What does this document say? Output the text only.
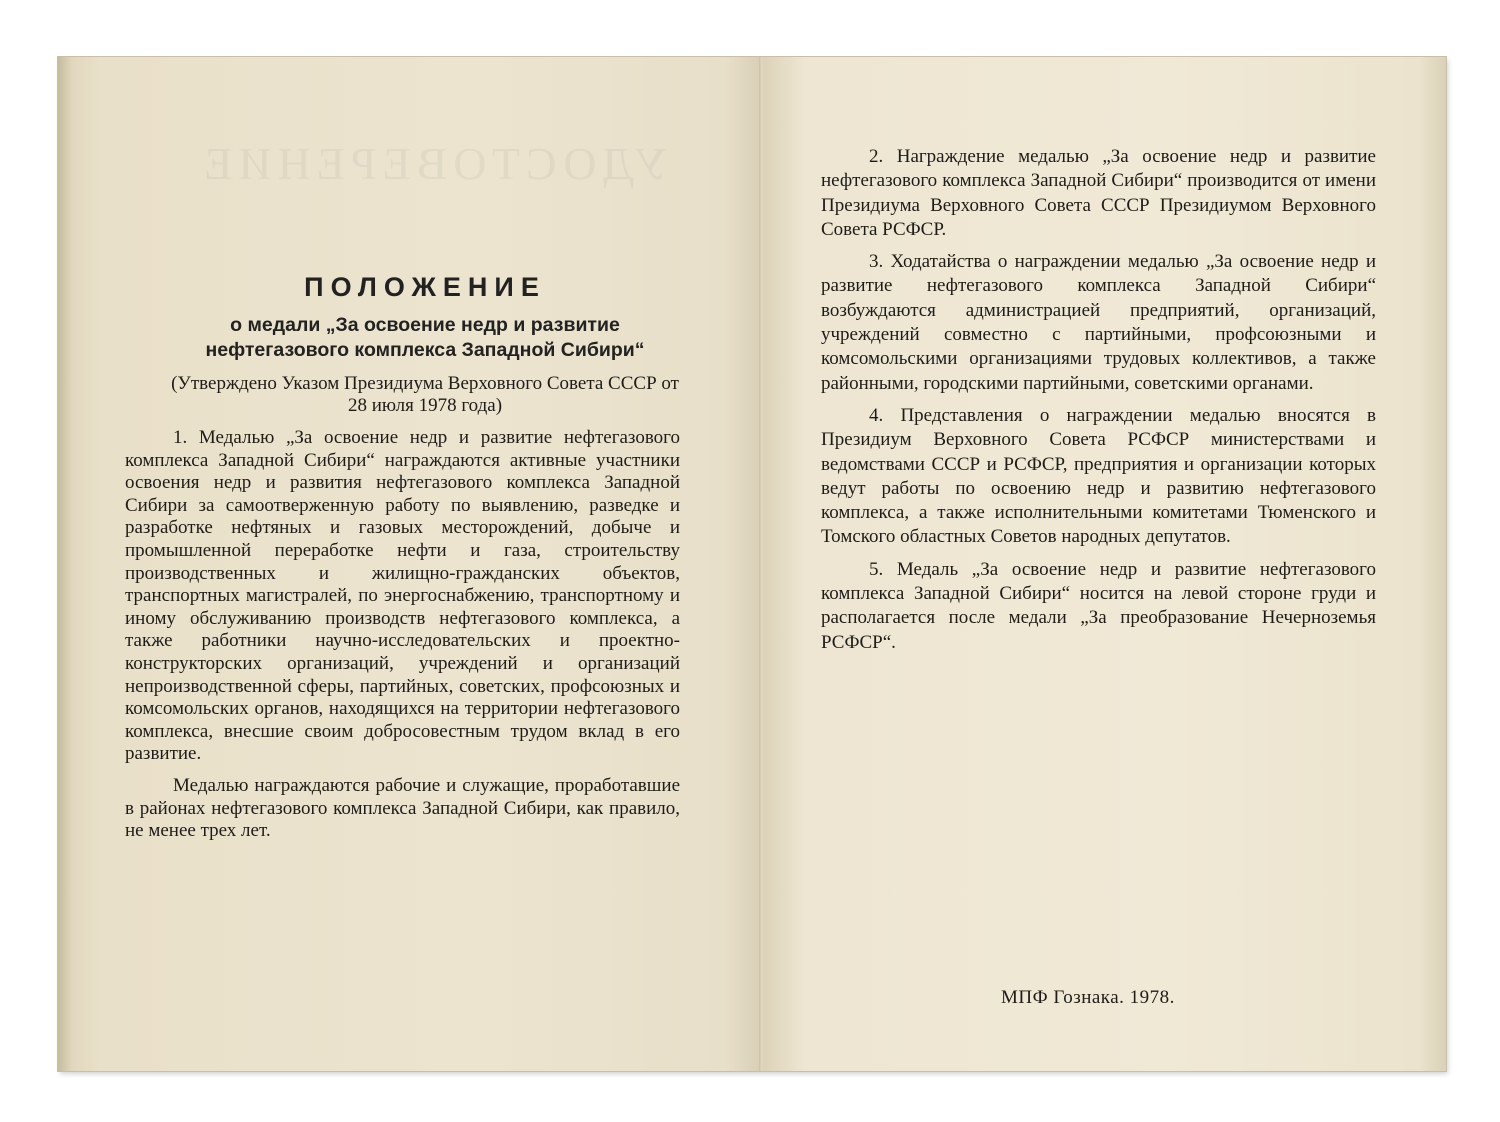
УДОСТОВЕРЕНИЕ
ПОЛОЖЕНИЕ
о медали „За освоение недр и развитие нефтегазового комплекса Западной Сибири“
(Утверждено Указом Президиума Верховного Совета СССР от 28 июля 1978 года)

1. Медалью „За освоение недр и развитие нефтегазового комплекса Западной Сибири“ награждаются активные участники освоения недр и развития нефтегазового комплекса Западной Сибири за самоотверженную работу по выявлению, разведке и разработке нефтяных и газовых месторождений, добыче и промышленной переработке нефти и газа, строительству производственных и жилищно-гражданских объектов, транспортных магистралей, по энергоснабжению, транспортному и иному обслуживанию производств нефтегазового комплекса, а также работники научно-исследовательских и проектно-конструкторских организаций, учреждений и организаций непроизводственной сферы, партийных, советских, профсоюзных и комсомольских органов, находящихся на территории нефтегазового комплекса, внесшие своим добросовестным трудом вклад в его развитие.

Медалью награждаются рабочие и служащие, проработавшие в районах нефтегазового комплекса Западной Сибири, как правило, не менее трех лет.

2. Награждение медалью „За освоение недр и развитие нефтегазового комплекса Западной Сибири“ производится от имени Президиума Верховного Совета СССР Президиумом Верховного Совета РСФСР.

3. Ходатайства о награждении медалью „За освоение недр и развитие нефтегазового комплекса Западной Сибири“ возбуждаются администрацией предприятий, организаций, учреждений совместно с партийными, профсоюзными и комсомольскими организациями трудовых коллективов, а также районными, городскими партийными, советскими органами.

4. Представления о награждении медалью вносятся в Президиум Верховного Совета РСФСР министерствами и ведомствами СССР и РСФСР, предприятия и организации которых ведут работы по освоению недр и развитию нефтегазового комплекса, а также исполнительными комитетами Тюменского и Томского областных Советов народных депутатов.

5. Медаль „За освоение недр и развитие нефтегазового комплекса Западной Сибири“ носится на левой стороне груди и располагается после медали „За преобразование Нечерноземья РСФСР“.

МПФ Гознака. 1978.
